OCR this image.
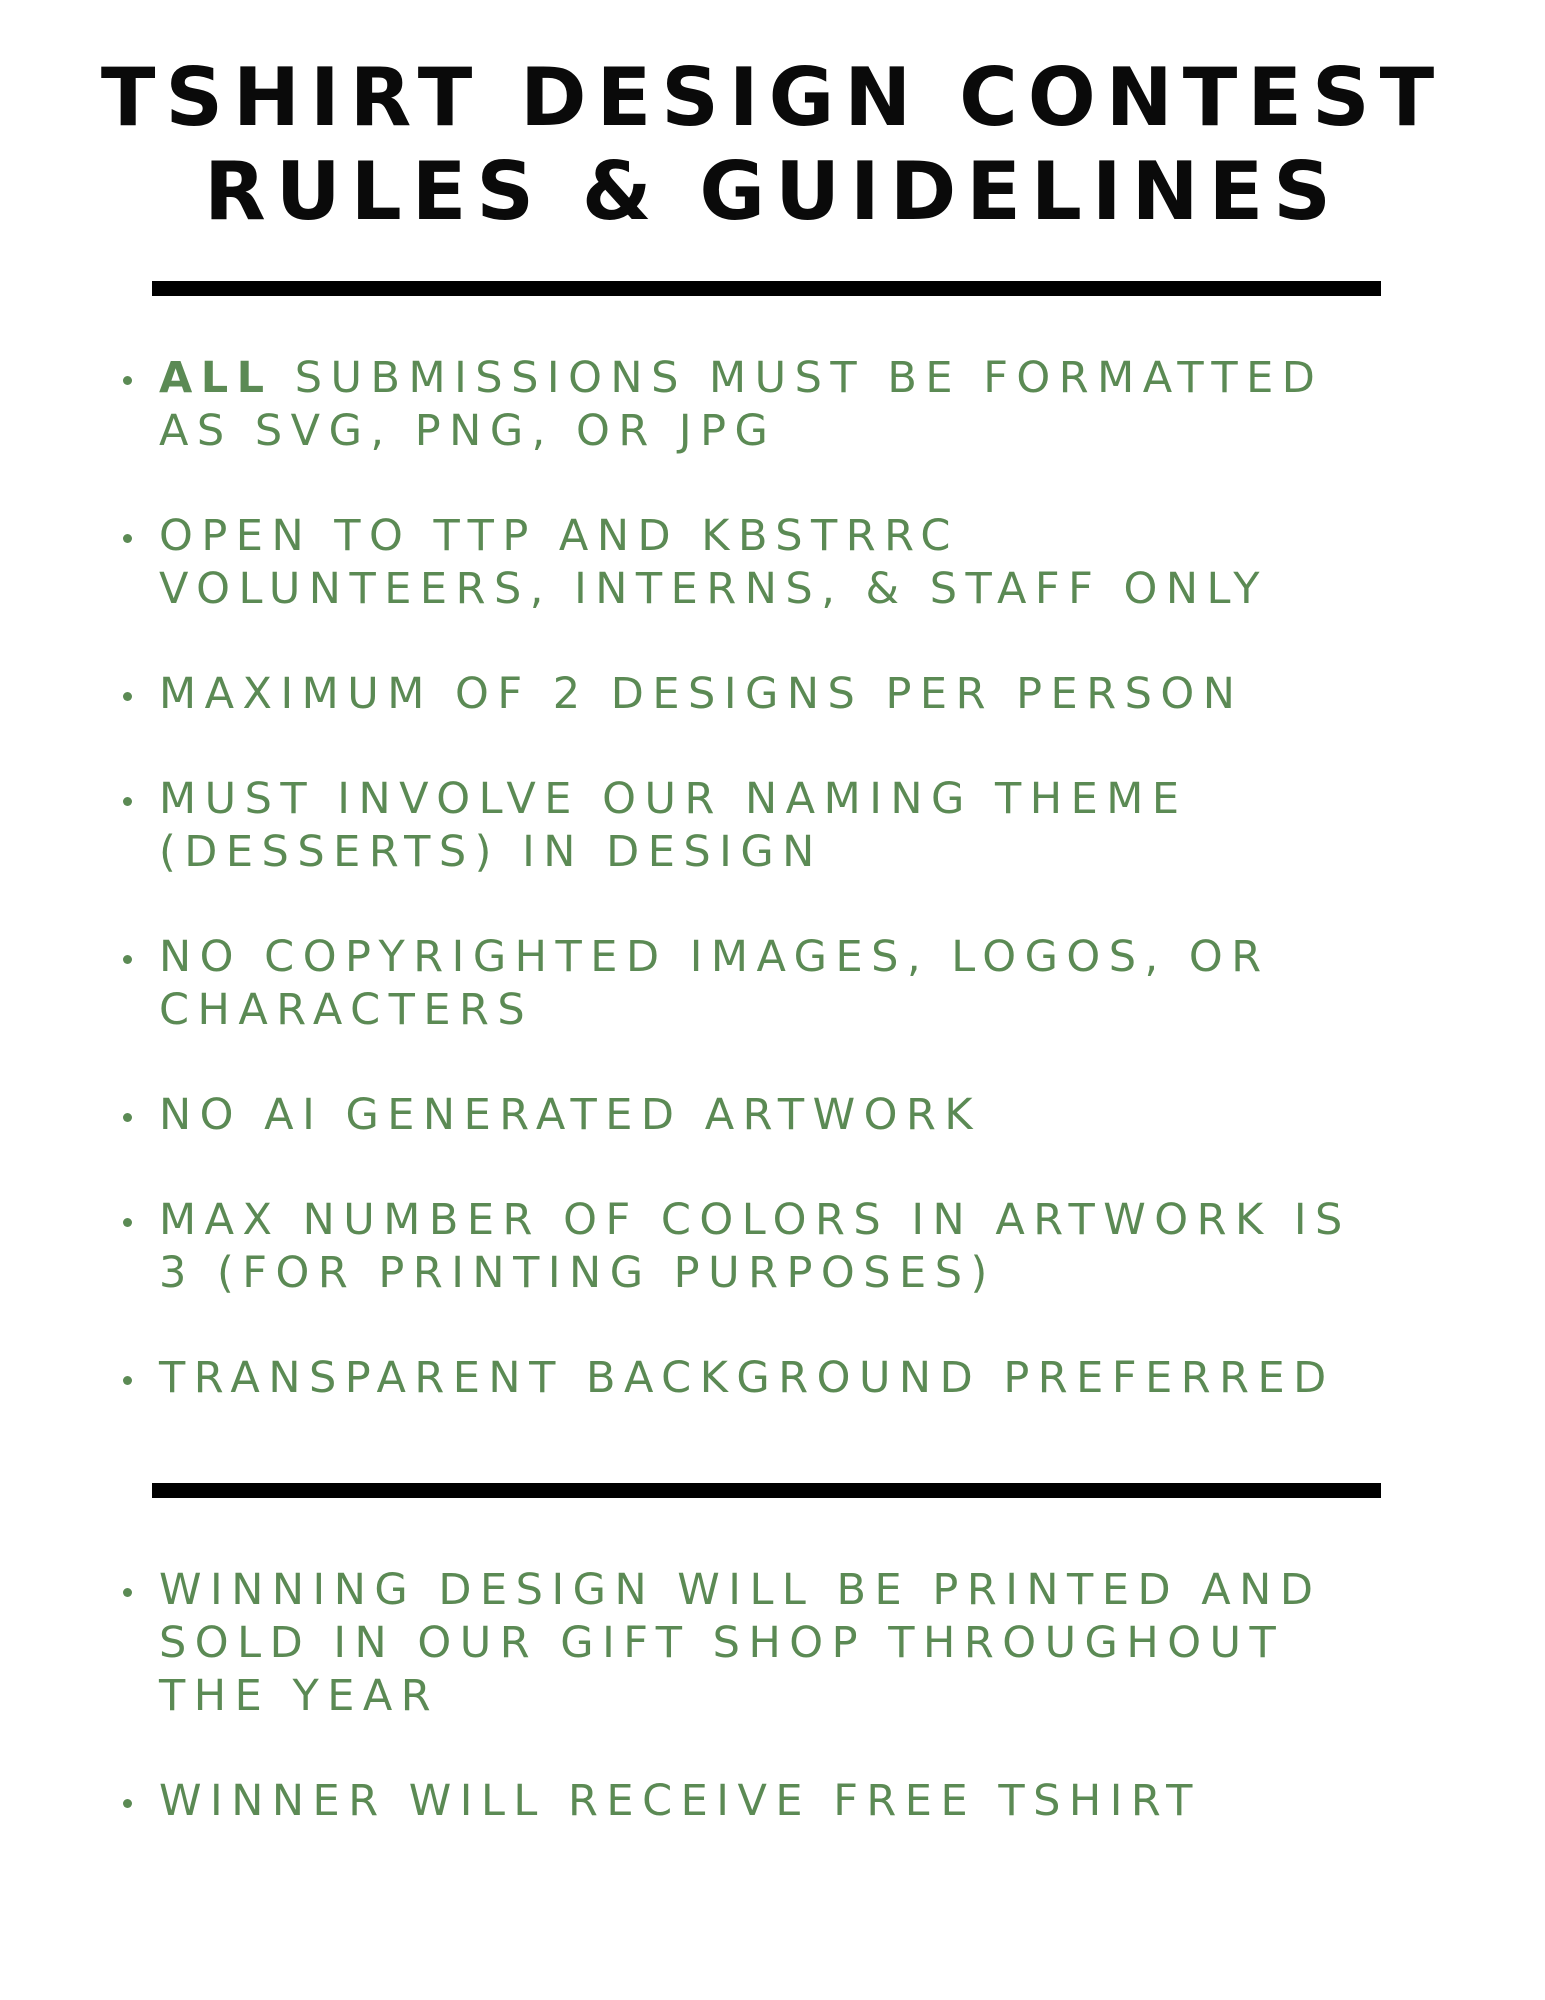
TSHIRT DESIGN CONTEST
RULES & GUIDELINES
ALL SUBMISSIONS MUST BE FORMATTED
AS SVG, PNG, OR JPG
OPEN TO TTP AND KBSTRRC
VOLUNTEERS, INTERNS, & STAFF ONLY
MAXIMUM OF 2 DESIGNS PER PERSON
MUST INVOLVE OUR NAMING THEME
(DESSERTS) IN DESIGN
NO COPYRIGHTED IMAGES, LOGOS, OR
CHARACTERS
NO AI GENERATED ARTWORK
MAX NUMBER OF COLORS IN ARTWORK IS
3 (FOR PRINTING PURPOSES)
TRANSPARENT BACKGROUND PREFERRED
WINNING DESIGN WILL BE PRINTED AND
SOLD IN OUR GIFT SHOP THROUGHOUT
THE YEAR
WINNER WILL RECEIVE FREE TSHIRT
